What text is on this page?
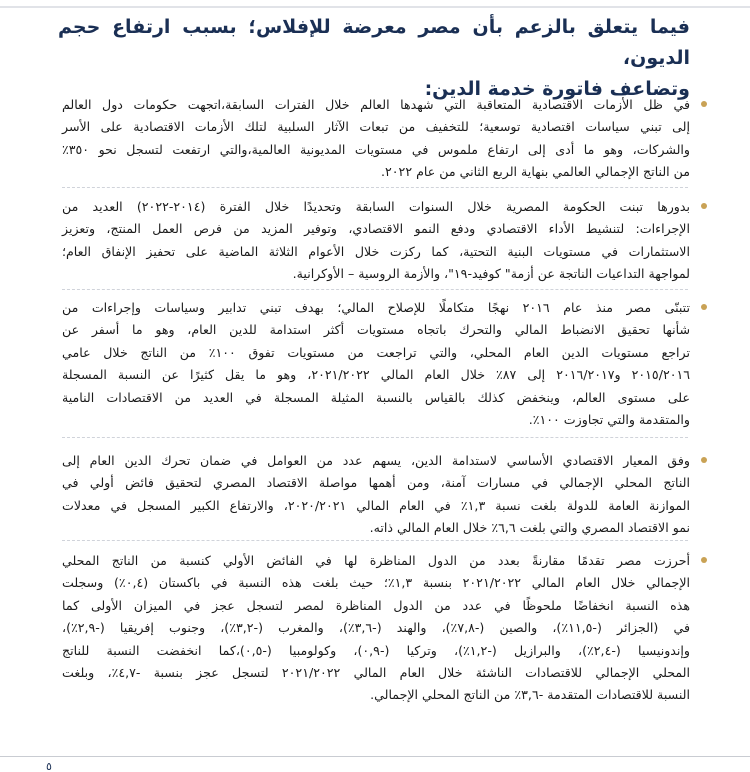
فيما يتعلق بالزعم بأن مصر معرضة للإفلاس؛ بسبب ارتفاع حجم الديون،
وتضاعف فاتورة خدمة الدين:
في ظل الأزمات الاقتصادية المتعاقبة التي شهدها العالم خلال الفترات السابقة،اتجهت حكومات دول العالم
إلى تبني سياسات اقتصادية توسعية؛ للتخفيف من تبعات الآثار السلبية لتلك الأزمات الاقتصادية على الأسر
والشركات، وهو ما أدى إلى ارتفاع ملموس في مستويات المديونية العالمية،والتي ارتفعت لتسجل نحو ٣٥٠٪
من الناتج الإجمالي العالمي بنهاية الربع الثاني من عام ٢٠٢٢.
بدورها تبنت الحكومة المصرية خلال السنوات السابقة وتحديدًا خلال الفترة (٢٠١٤-٢٠٢٢) العديد من
الإجراءات: لتنشيط الأداء الاقتصادي ودفع النمو الاقتصادي، وتوفير المزيد من فرص العمل المنتج، وتعزيز
الاستثمارات في مستويات البنية التحتية، كما ركزت خلال الأعوام الثلاثة الماضية على تحفيز الإنفاق العام؛
لمواجهة التداعيات الناتجة عن أزمة" كوفيد-١٩"، والأزمة الروسية – الأوكرانية.
تتبنّى مصر منذ عام ٢٠١٦ نهجًا متكاملًا للإصلاح المالي؛ بهدف تبني تدابير وسياسات وإجراءات من
شأنها تحقيق الانضباط المالي والتحرك باتجاه مستويات أكثر استدامة للدين العام، وهو ما أسفر عن
تراجع مستويات الدين العام المحلي، والتي تراجعت من مستويات تفوق ١٠٠٪ من الناتج خلال عامي
٢٠١٥/٢٠١٦ و٢٠١٦/٢٠١٧ إلى ٨٧٪ خلال العام المالي ٢٠٢١/٢٠٢٢، وهو ما يقل كثيرًا عن النسبة المسجلة
على مستوى العالم، وينخفض كذلك بالقياس بالنسبة المثيلة المسجلة في العديد من الاقتصادات النامية
والمتقدمة والتي تجاوزت ١٠٠٪.
وفق المعيار الاقتصادي الأساسي لاستدامة الدين، يسهم عدد من العوامل في ضمان تحرك الدين العام إلى
الناتج المحلي الإجمالي في مسارات آمنة، ومن أهمها مواصلة الاقتصاد المصري لتحقيق فائض أولي في
الموازنة العامة للدولة بلغت نسبة ١,٣٪ في العام المالي ٢٠٢٠/٢٠٢١، والارتفاع الكبير المسجل في معدلات
نمو الاقتصاد المصري والتي بلغت ٦,٦٪ خلال العام المالي ذاته.
أحرزت مصر تقدمًا مقارنةً بعدد من الدول المناظرة لها في الفائض الأولي كنسبة من الناتج المحلي
الإجمالي خلال العام المالي ٢٠٢١/٢٠٢٢ بنسبة ١,٣٪؛ حيث بلغت هذه النسبة في باكستان (٠,٤٪) وسجلت
هذه النسبة انخفاضًا ملحوظًا في عدد من الدول المناظرة لمصر لتسجل عجز في الميزان الأولى كما
في (الجزائر (-١١,٥٪)، والصين (-٧,٨٪)، والهند (-٣,٦٪)، والمغرب (-٣,٢٪)، وجنوب إفريقيا (-٢,٩٪)،
وإندونيسيا (-٢,٤٪)، والبرازيل (-١,٢٪)، وتركيا (-٠,٩)، وكولومبيا (-٠,٥)،كما انخفضت النسبة للناتج
المحلي الإجمالي للاقتصادات الناشئة خلال العام المالي ٢٠٢١/٢٠٢٢ لتسجل عجز بنسبة -٤,٧٪، وبلغت
النسبة للاقتصادات المتقدمة -٣,٦٪ من الناتج المحلي الإجمالي.
٥
